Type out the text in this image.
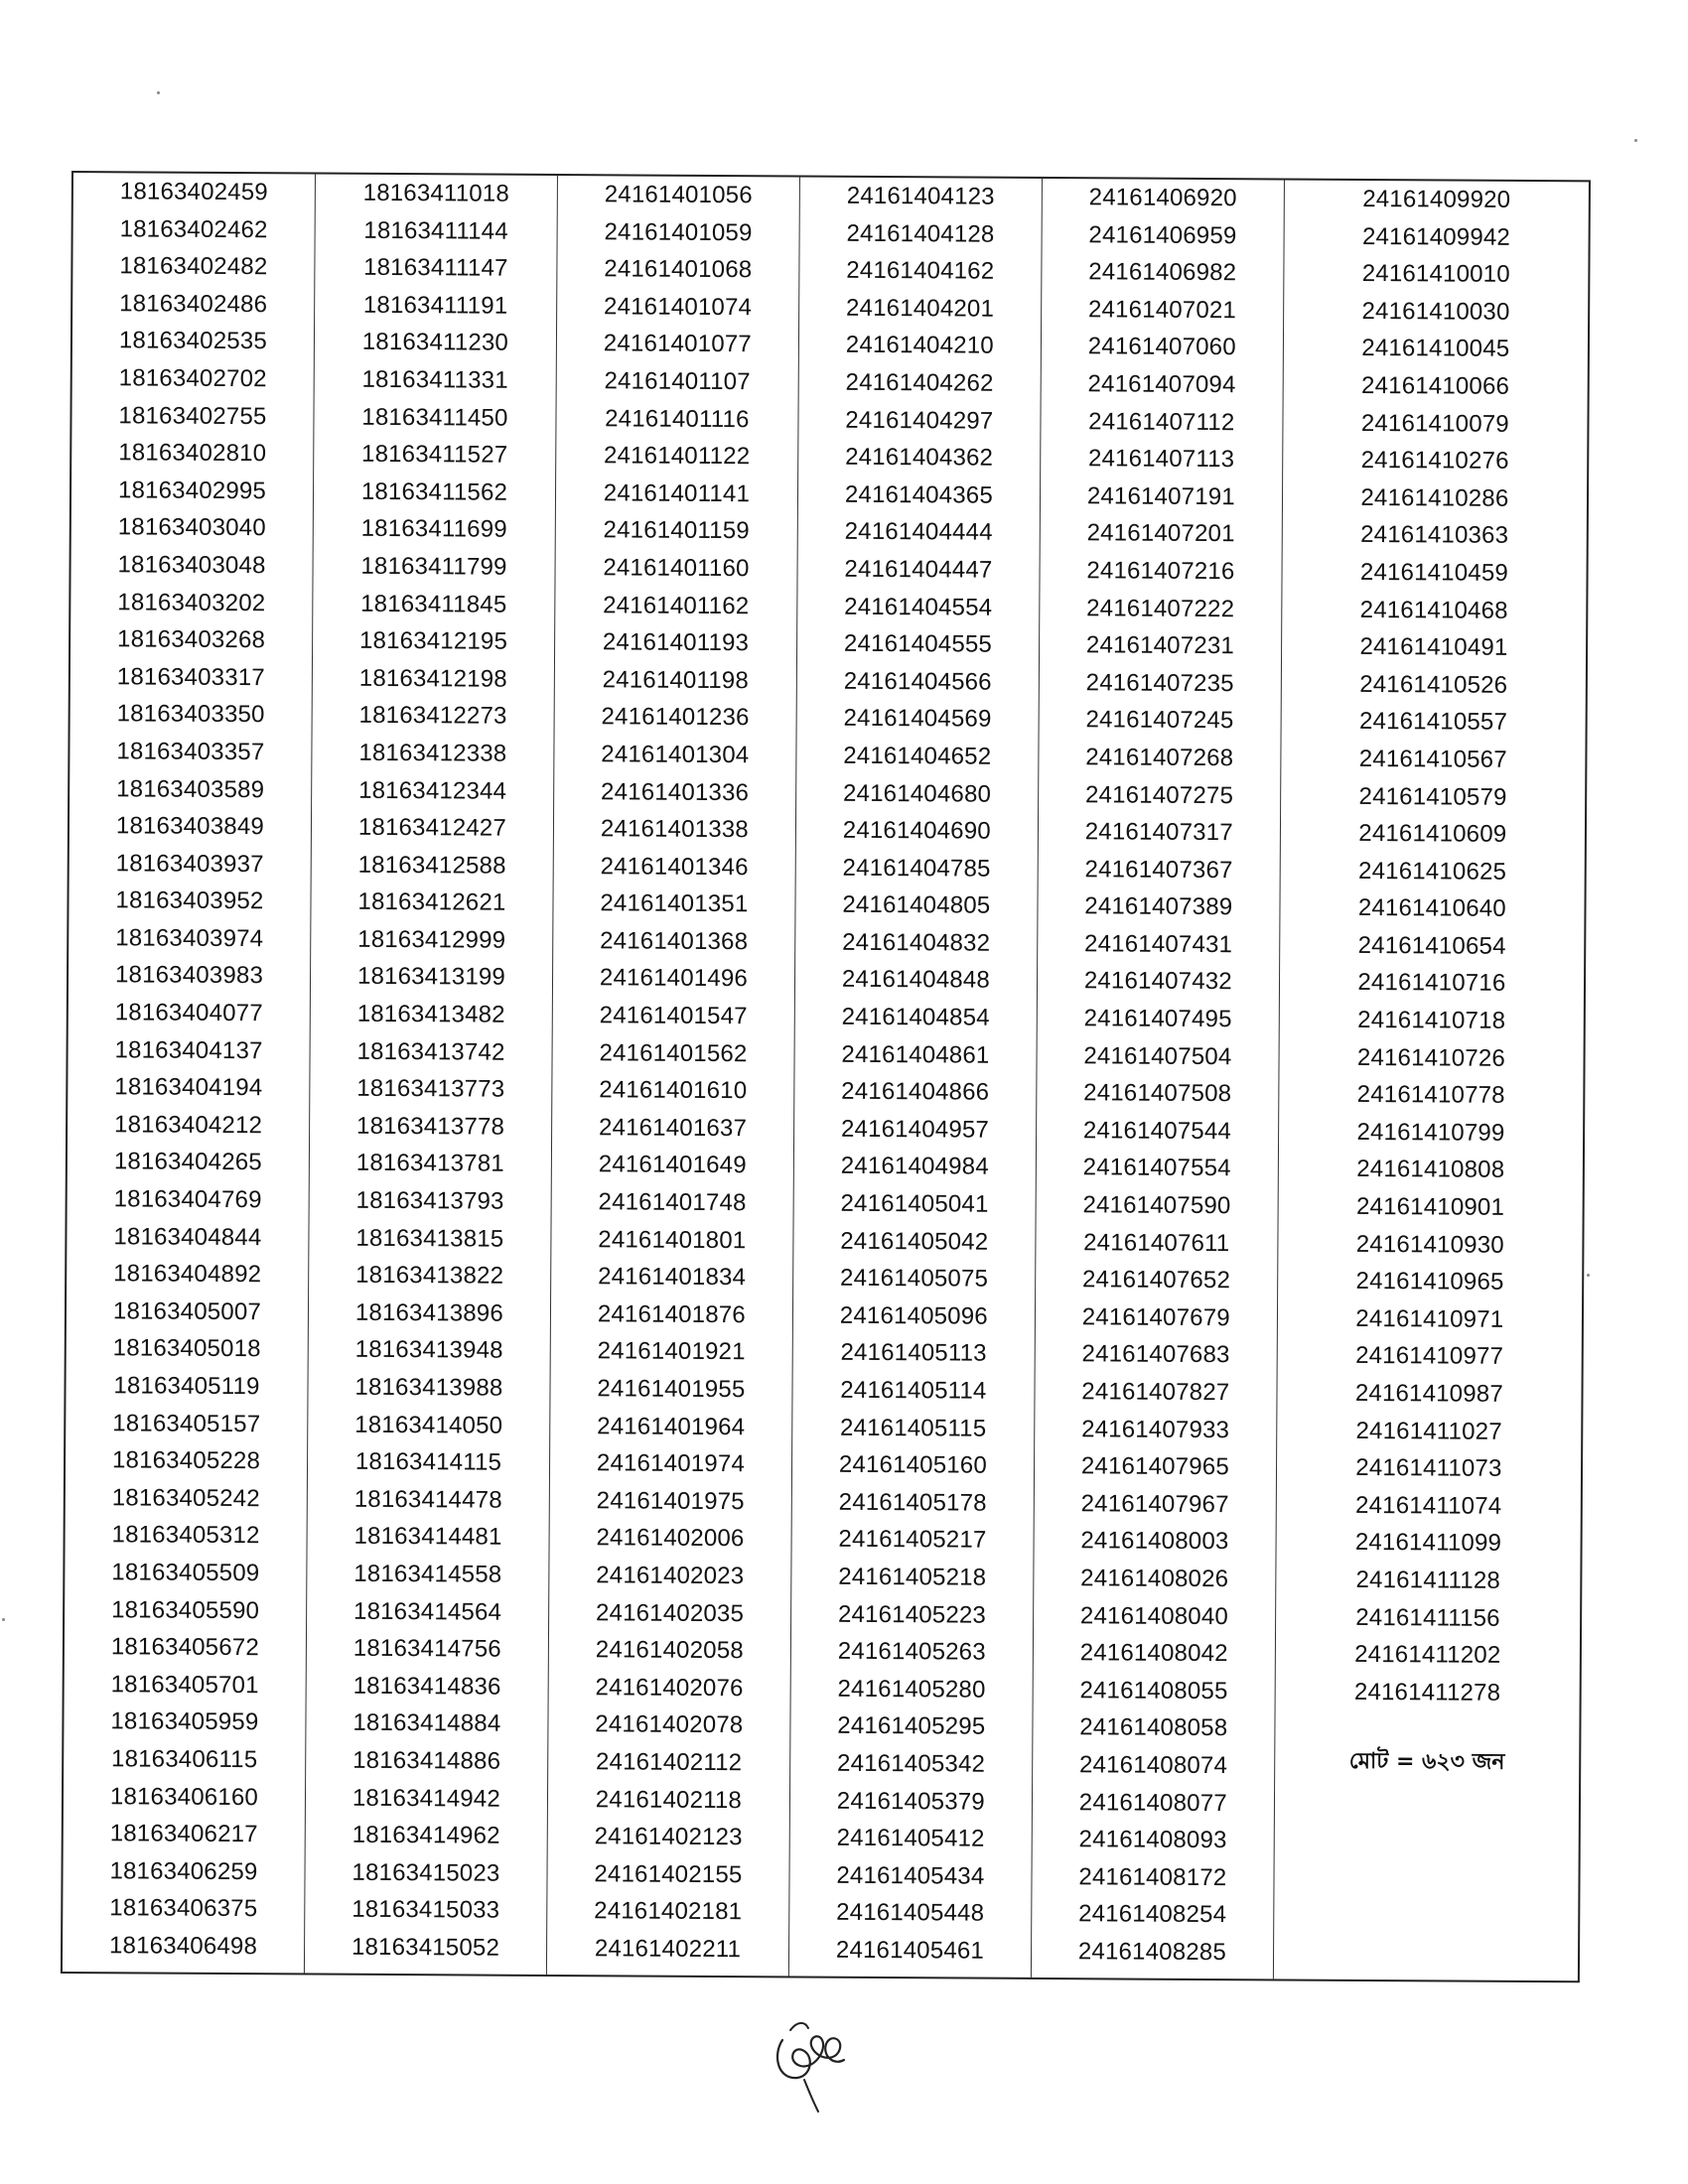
18163402459
18163402462
18163402482
18163402486
18163402535
18163402702
18163402755
18163402810
18163402995
18163403040
18163403048
18163403202
18163403268
18163403317
18163403350
18163403357
18163403589
18163403849
18163403937
18163403952
18163403974
18163403983
18163404077
18163404137
18163404194
18163404212
18163404265
18163404769
18163404844
18163404892
18163405007
18163405018
18163405119
18163405157
18163405228
18163405242
18163405312
18163405509
18163405590
18163405672
18163405701
18163405959
18163406115
18163406160
18163406217
18163406259
18163406375
18163406498
18163411018
18163411144
18163411147
18163411191
18163411230
18163411331
18163411450
18163411527
18163411562
18163411699
18163411799
18163411845
18163412195
18163412198
18163412273
18163412338
18163412344
18163412427
18163412588
18163412621
18163412999
18163413199
18163413482
18163413742
18163413773
18163413778
18163413781
18163413793
18163413815
18163413822
18163413896
18163413948
18163413988
18163414050
18163414115
18163414478
18163414481
18163414558
18163414564
18163414756
18163414836
18163414884
18163414886
18163414942
18163414962
18163415023
18163415033
18163415052
24161401056
24161401059
24161401068
24161401074
24161401077
24161401107
24161401116
24161401122
24161401141
24161401159
24161401160
24161401162
24161401193
24161401198
24161401236
24161401304
24161401336
24161401338
24161401346
24161401351
24161401368
24161401496
24161401547
24161401562
24161401610
24161401637
24161401649
24161401748
24161401801
24161401834
24161401876
24161401921
24161401955
24161401964
24161401974
24161401975
24161402006
24161402023
24161402035
24161402058
24161402076
24161402078
24161402112
24161402118
24161402123
24161402155
24161402181
24161402211
24161404123
24161404128
24161404162
24161404201
24161404210
24161404262
24161404297
24161404362
24161404365
24161404444
24161404447
24161404554
24161404555
24161404566
24161404569
24161404652
24161404680
24161404690
24161404785
24161404805
24161404832
24161404848
24161404854
24161404861
24161404866
24161404957
24161404984
24161405041
24161405042
24161405075
24161405096
24161405113
24161405114
24161405115
24161405160
24161405178
24161405217
24161405218
24161405223
24161405263
24161405280
24161405295
24161405342
24161405379
24161405412
24161405434
24161405448
24161405461
24161406920
24161406959
24161406982
24161407021
24161407060
24161407094
24161407112
24161407113
24161407191
24161407201
24161407216
24161407222
24161407231
24161407235
24161407245
24161407268
24161407275
24161407317
24161407367
24161407389
24161407431
24161407432
24161407495
24161407504
24161407508
24161407544
24161407554
24161407590
24161407611
24161407652
24161407679
24161407683
24161407827
24161407933
24161407965
24161407967
24161408003
24161408026
24161408040
24161408042
24161408055
24161408058
24161408074
24161408077
24161408093
24161408172
24161408254
24161408285
24161409920
24161409942
24161410010
24161410030
24161410045
24161410066
24161410079
24161410276
24161410286
24161410363
24161410459
24161410468
24161410491
24161410526
24161410557
24161410567
24161410579
24161410609
24161410625
24161410640
24161410654
24161410716
24161410718
24161410726
24161410778
24161410799
24161410808
24161410901
24161410930
24161410965
24161410971
24161410977
24161410987
24161411027
24161411073
24161411074
24161411099
24161411128
24161411156
24161411202
24161411278
মোট = ৬২৩ জন
